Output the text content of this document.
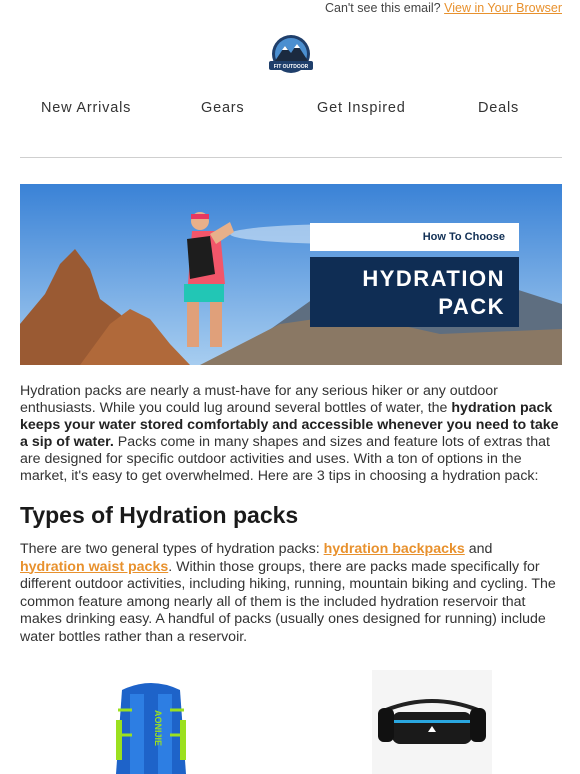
Can't see this email? View in Your Browser
FIT OUTDOOR
New Arrivals	Gears	Get Inspired	Deals
How To Choose
HYDRATION
PACK

Hydration packs are nearly a must-have for any serious hiker or any outdoor enthusiasts. While you could lug around several bottles of water, the hydration pack keeps your water stored comfortably and accessible whenever you need to take a sip of water. Packs come in many shapes and sizes and feature lots of extras that are designed for specific outdoor activities and uses. With a ton of options in the market, it's easy to get overwhelmed. Here are 3 tips in choosing a hydration pack:

Types of Hydration packs

There are two general types of hydration packs: hydration backpacks and hydration waist packs. Within those groups, there are packs made specifically for different outdoor activities, including hiking, running, mountain biking and cycling. The common feature among nearly all of them is the included hydration reservoir that makes drinking easy. A handful of packs (usually ones designed for running) include water bottles rather than a reservoir.

AONIJIE
